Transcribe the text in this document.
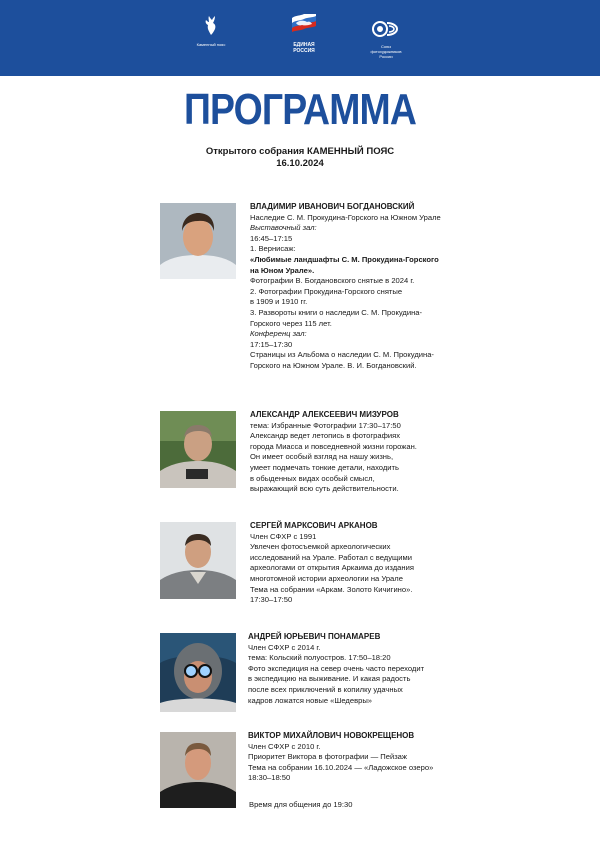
Каменный пояс	ЕДИНАЯ
РОССИЯ
Союз фотохудожников России
ПРОГРАММА
Открытого собрания КАМЕННЫЙ ПОЯС
16.10.2024
ВЛАДИМИР ИВАНОВИЧ БОГДАНОВСКИЙ
Наследие С. М. Прокудина-Горского на Южном Урале
Выставочный зал:
16:45–17:15
1. Вернисаж:
«Любимые ландшафты С. М. Прокудина-Горского
на Юном Урале».
Фотографии В. Богдановского снятые в 2024 г.
2. Фотографии Прокудина-Горского снятые
в 1909 и 1910 гг.
3. Развороты книги о наследии С. М. Прокудина-
Горского через 115 лет.
Конференц зал:
17:15–17:30
Страницы из Альбома о наследии С. М. Прокудина-
Горского на Южном Урале. В. И. Богдановский.
АЛЕКСАНДР АЛЕКСЕЕВИЧ МИЗУРОВ
тема: Избранные Фотографии 17:30–17:50
Александр ведет летопись в фотографиях
города Миасса и повседневной жизни горожан.
Он имеет особый взгляд на нашу жизнь,
умеет подмечать тонкие детали, находить
в обыденных видах особый смысл,
выражающий всю суть действительности.
СЕРГЕЙ МАРКСОВИЧ АРКАНОВ
Член СФХР с 1991
Увлечен фотосъемкой археологических
исследований на Урале. Работал с ведущими
археологами от открытия Аркаима до издания
многотомной истории археологии на Урале
Тема на собрании «Аркам. Золото Кичигино».
17:30–17:50
АНДРЕЙ ЮРЬЕВИЧ ПОНАМАРЕВ
Член СФХР с 2014 г.
тема: Кольский полуостров. 17:50–18:20
Фото экспедиция на север очень часто переходит
в экспедицию на выживание. И какая радость
после всех приключений в копилку удачных
кадров ложатся новые «Шедевры»
ВИКТОР МИХАЙЛОВИЧ НОВОКРЕЩЕНОВ
Член СФХР с 2010 г.
Приоритет Виктора в фотографии — Пейзаж
Тема на собрании 16.10.2024 — «Ладожское озеро»
18:30–18:50
Время для общения до 19:30
